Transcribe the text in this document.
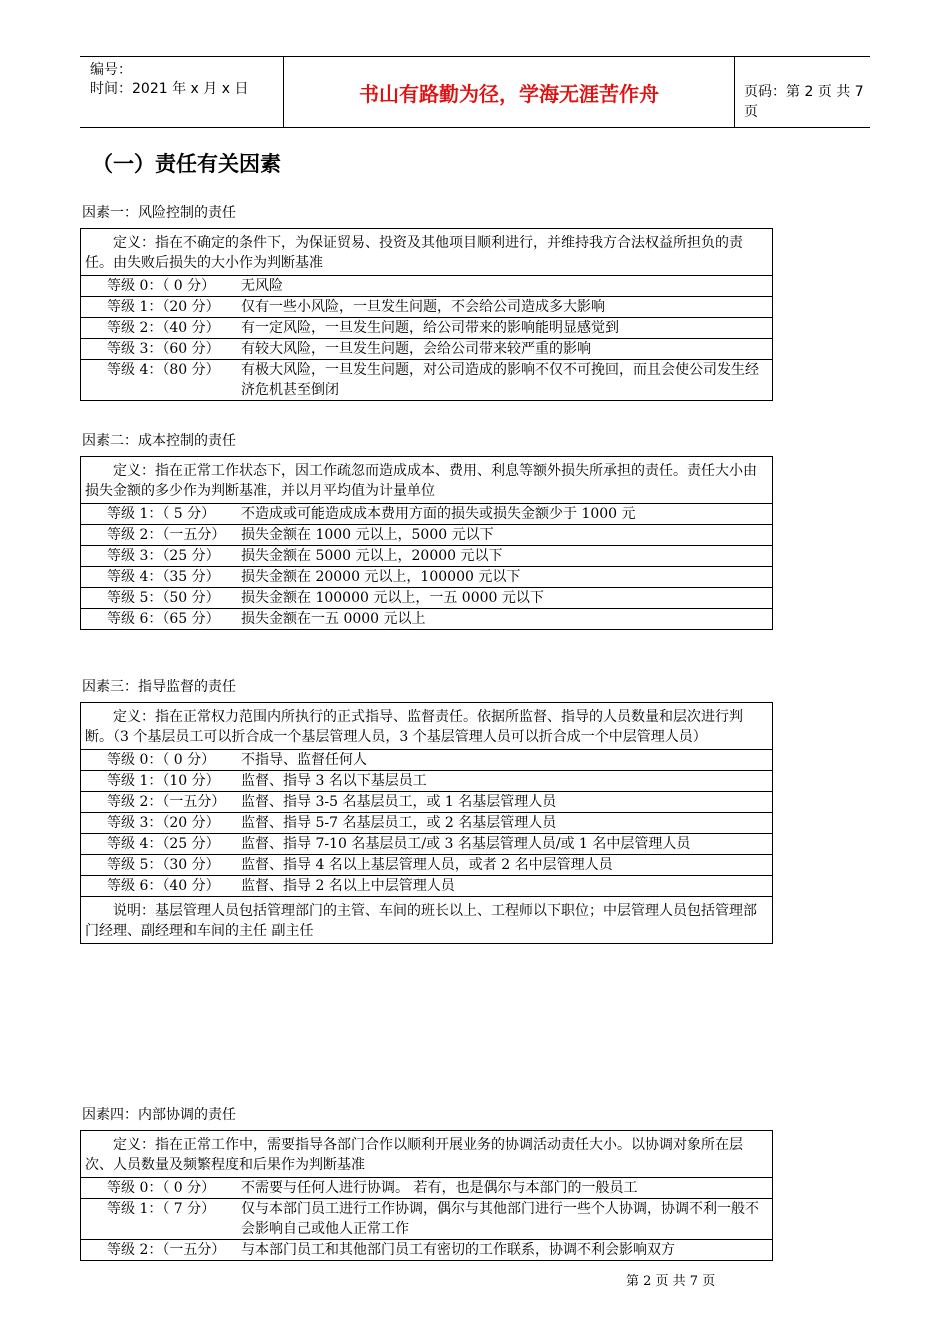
编号：
时间：2021 年 x 月 x 日	书山有路勤为径，学海无涯苦作舟	页码：第 2 页 共 7 页
（一）责任有关因素
因素一：风险控制的责任
定义：指在不确定的条件下，为保证贸易、投资及其他项目顺利进行，并维持我方合法权益所担负的责任。由失败后损失的大小作为判断基准

等级 0：（ 0 分）	无风险

等级 1：（20 分）	仅有一些小风险，一旦发生问题，不会给公司造成多大影响

等级 2：（40 分）	有一定风险，一旦发生问题，给公司带来的影响能明显感觉到

等级 3：（60 分）	有较大风险，一旦发生问题，会给公司带来较严重的影响

等级 4：（80 分）	有极大风险，一旦发生问题，对公司造成的影响不仅不可挽回，而且会使公司发生经济危机甚至倒闭
因素二：成本控制的责任
定义：指在正常工作状态下，因工作疏忽而造成成本、费用、利息等额外损失所承担的责任。责任大小由损失金额的多少作为判断基准，并以月平均值为计量单位

等级 1：（ 5 分）	不造成或可能造成成本费用方面的损失或损失金额少于 1000 元

等级 2：（一五分）	损失金额在 1000 元以上，5000 元以下

等级 3：（25 分）	损失金额在 5000 元以上，20000 元以下

等级 4：（35 分）	损失金额在 20000 元以上，100000 元以下

等级 5：（50 分）	损失金额在 100000 元以上，一五 0000 元以下

等级 6：（65 分）	损失金额在一五 0000 元以上
因素三：指导监督的责任
定义：指在正常权力范围内所执行的正式指导、监督责任。依据所监督、指导的人员数量和层次进行判断。（3 个基层员工可以折合成一个基层管理人员，3 个基层管理人员可以折合成一个中层管理人员）

等级 0：（ 0 分）	不指导、监督任何人

等级 1：（10 分）	监督、指导 3 名以下基层员工

等级 2：（一五分）	监督、指导 3-5 名基层员工，或 1 名基层管理人员

等级 3：（20 分）	监督、指导 5-7 名基层员工，或 2 名基层管理人员

等级 4：（25 分）	监督、指导 7-10 名基层员工/或 3 名基层管理人员/或 1 名中层管理人员

等级 5：（30 分）	监督、指导 4 名以上基层管理人员，或者 2 名中层管理人员

等级 6：（40 分）	监督、指导 2 名以上中层管理人员

说明：基层管理人员包括管理部门的主管、车间的班长以上、工程师以下职位；中层管理人员包括管理部门经理、副经理和车间的主任 副主任
因素四：内部协调的责任
定义：指在正常工作中，需要指导各部门合作以顺利开展业务的协调活动责任大小。以协调对象所在层次、人员数量及频繁程度和后果作为判断基准

等级 0：（ 0 分）	不需要与任何人进行协调。 若有，也是偶尔与本部门的一般员工

等级 1：（ 7 分）	仅与本部门员工进行工作协调，偶尔与其他部门进行一些个人协调，协调不利一般不会影响自己或他人正常工作

等级 2：（一五分）	与本部门员工和其他部门员工有密切的工作联系，协调不利会影响双方
第 2 页 共 7 页
